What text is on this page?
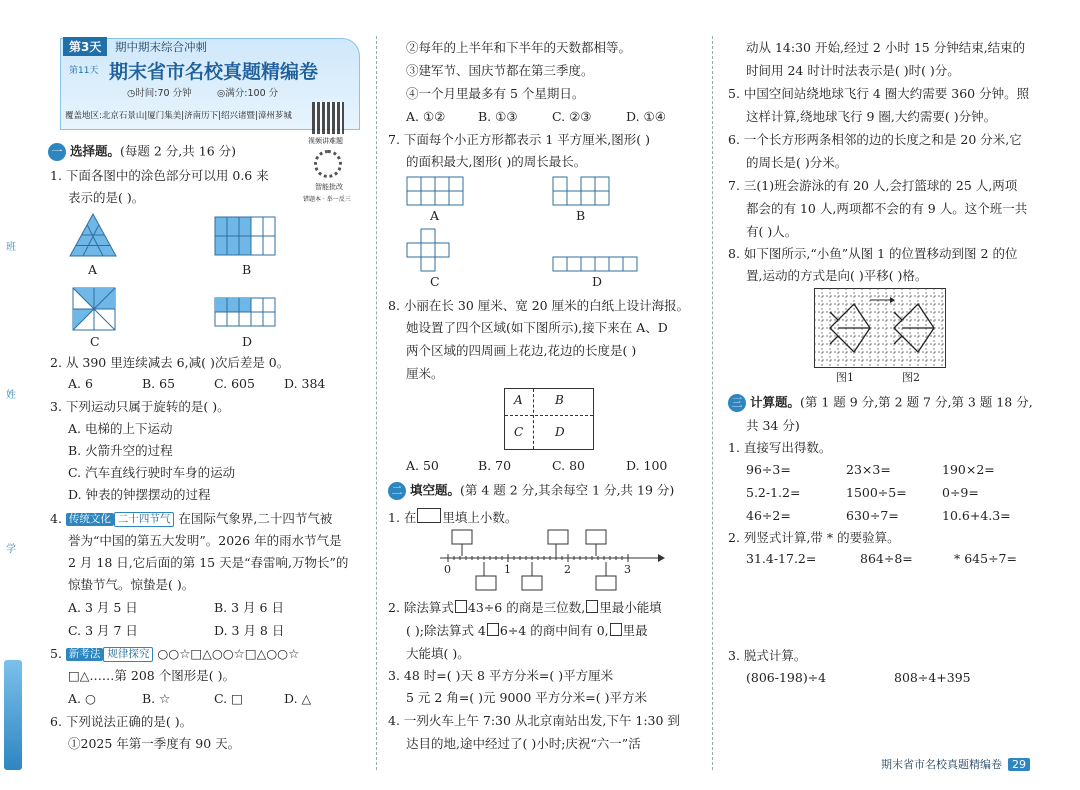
班
姓
学
第3天	期中期末综合冲刺
第11天 期末省市名校真题精编卷
◷时间:70 分钟	◎满分:100 分
覆盖地区:北京石景山|厦门集美|济南历下|绍兴诸暨|漳州芗城
视频讲难题
智能批改
错题本 · 举一反三
一 选择题。(每题 2 分,共 16 分)
1. 下面各图中的涂色部分可以用 0.6 来
表示的是( )。
A	B
C	D
2. 从 390 里连续减去 6,减( )次后差是 0。
A. 6	B. 65	C. 605 D. 384
3. 下列运动只属于旋转的是( )。
A. 电梯的上下运动
B. 火箭升空的过程
C. 汽车直线行驶时车身的运动
D. 钟表的钟摆摆动的过程
4. 传统文化 二十四节气 在国际气象界,二十四节气被
誉为“中国的第五大发明”。2026 年的雨水节气是
2 月 18 日,它后面的第 15 天是“春雷响,万物长”的
惊蛰节气。惊蛰是( )。
A. 3 月 5 日	B. 3 月 6 日
C. 3 月 7 日	D. 3 月 8 日
5. 新考法 规律探究 ○○☆□△○○☆□△○○☆
□△……第 208 个图形是( )。
A. ○	B. ☆	C. □	D. △
6. 下列说法正确的是( )。
①2025 年第一季度有 90 天。
②每年的上半年和下半年的天数都相等。
③建军节、国庆节都在第三季度。
④一个月里最多有 5 个星期日。
A. ①②	B. ①③	C. ②③	D. ①④
7. 下面每个小正方形都表示 1 平方厘米,图形( )
的面积最大,图形( )的周长最长。
A	B
C	D
8. 小丽在长 30 厘米、宽 20 厘米的白纸上设计海报。
她设置了四个区域(如下图所示),接下来在 A、D
两个区域的四周画上花边,花边的长度是( )
厘米。
A	B
C	D
A. 50	B. 70	C. 80	D. 100
二 填空题。(第 4 题 2 分,其余每空 1 分,共 19 分)
1. 在 里填上小数。
0	1	2	3
2. 除法算式 43÷6 的商是三位数, 里最小能填
( );除法算式 4 6÷4 的商中间有 0, 里最
大能填( )。
3. 48 时=( )天 8 平方分米=( )平方厘米
5 元 2 角=( )元 9000 平方分米=( )平方米
4. 一列火车上午 7:30 从北京南站出发,下午 1:30 到
达目的地,途中经过了( )小时;庆祝“六一”活
动从 14:30 开始,经过 2 小时 15 分钟结束,结束的
时间用 24 时计时法表示是( )时( )分。
5. 中国空间站绕地球飞行 4 圈大约需要 360 分钟。照
这样计算,绕地球飞行 9 圈,大约需要( )分钟。
6. 一个长方形两条相邻的边的长度之和是 20 分米,它
的周长是( )分米。
7. 三(1)班会游泳的有 20 人,会打篮球的 25 人,两项
都会的有 10 人,两项都不会的有 9 人。这个班一共
有( )人。
8. 如下图所示,“小鱼”从图 1 的位置移动到图 2 的位
置,运动的方式是向( )平移( )格。
图1	图2
三 计算题。(第 1 题 9 分,第 2 题 7 分,第 3 题 18 分,
共 34 分)
1. 直接写出得数。
96÷3=	23×3=	190×2=
5.2-1.2=	1500÷5=	0÷9=
46÷2=	630÷7=	10.6+4.3=
2. 列竖式计算,带 * 的要验算。
31.4-17.2=	864÷8=	* 645÷7=
3. 脱式计算。
(806-198)÷4	808÷4+395
期末省市名校真题精编卷 29
